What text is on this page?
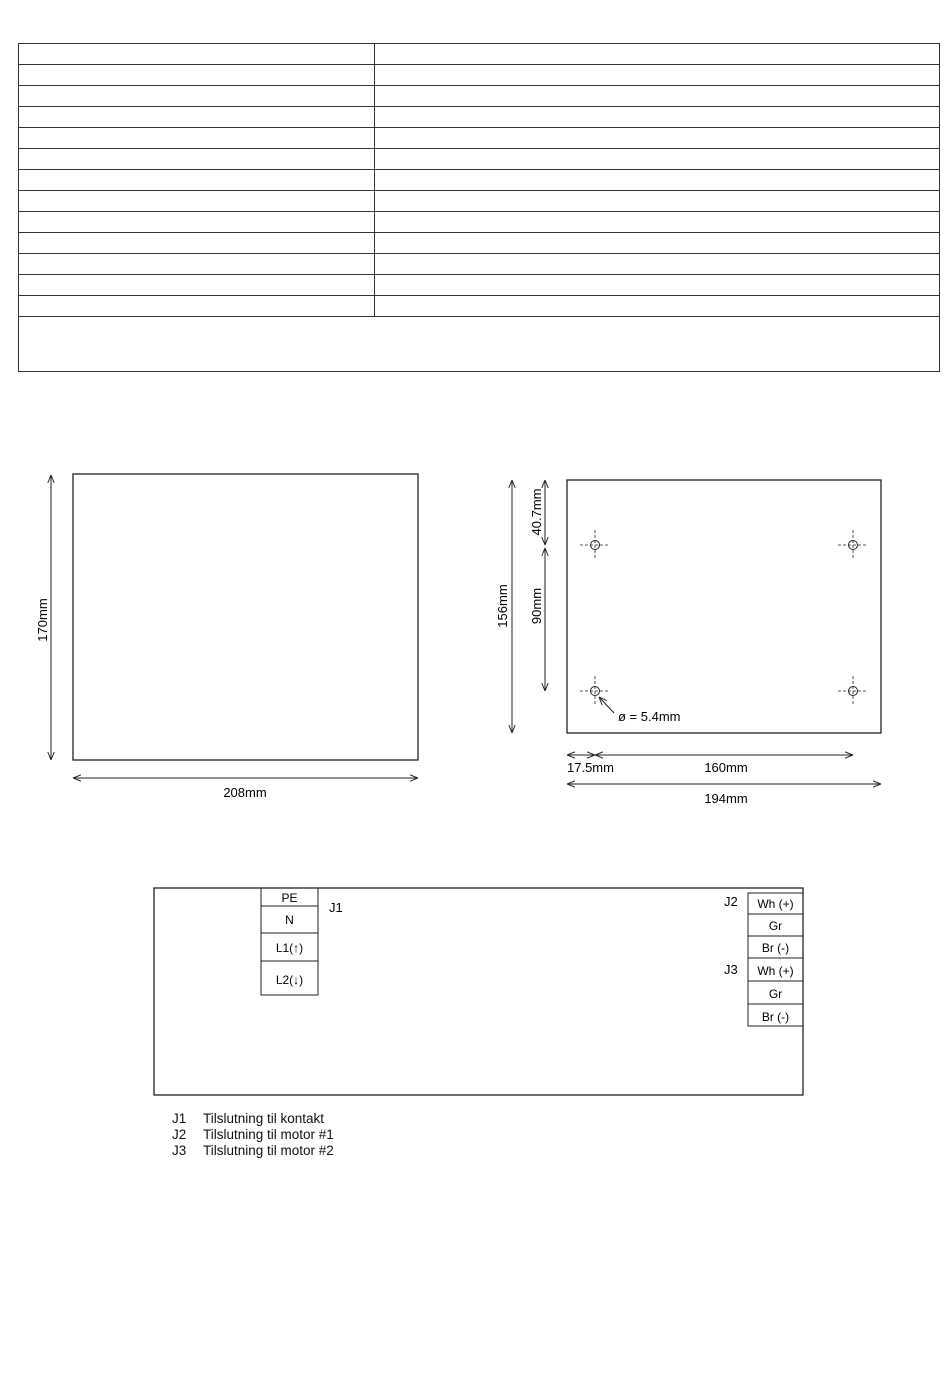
170mm
208mm
156mm
40.7mm
90mm
ø = 5.4mm
17.5mm	160mm
194mm
PE
N
L1(↑)
L2(↓)
J1	Wh (+)
Gr
Br (-)
J2
Wh (+)
Gr
Br (-)
J3
J1	Tilslutning til kontakt
J2	Tilslutning til motor #1
J3	Tilslutning til motor #2
